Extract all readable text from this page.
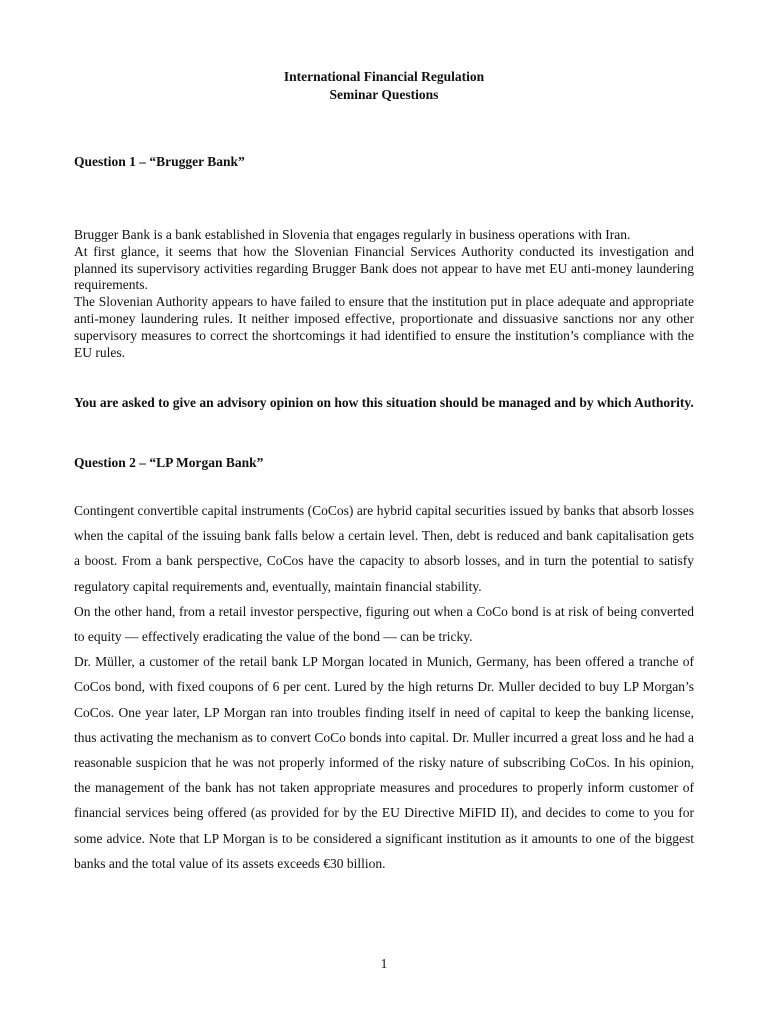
International Financial Regulation
Seminar Questions
Question 1 – “Brugger Bank”

Brugger Bank is a bank established in Slovenia that engages regularly in business operations with Iran.

At first glance, it seems that how the Slovenian Financial Services Authority conducted its investigation and planned its supervisory activities regarding Brugger Bank does not appear to have met EU anti-money laundering requirements.

The Slovenian Authority appears to have failed to ensure that the institution put in place adequate and appropriate anti-money laundering rules. It neither imposed effective, proportionate and dissuasive sanctions nor any other supervisory measures to correct the shortcomings it had identified to ensure the institution’s compliance with the EU rules.

You are asked to give an advisory opinion on how this situation should be managed and by which Authority.
Question 2 – “LP Morgan Bank”

Contingent convertible capital instruments (CoCos) are hybrid capital securities issued by banks that absorb losses when the capital of the issuing bank falls below a certain level. Then, debt is reduced and bank capitalisation gets a boost. From a bank perspective, CoCos have the capacity to absorb losses, and in turn the potential to satisfy regulatory capital requirements and, eventually, maintain financial stability.

On the other hand, from a retail investor perspective, figuring out when a CoCo bond is at risk of being converted to equity — effectively eradicating the value of the bond — can be tricky.

Dr. Müller, a customer of the retail bank LP Morgan located in Munich, Germany, has been offered a tranche of CoCos bond, with fixed coupons of 6 per cent. Lured by the high returns Dr. Muller decided to buy LP Morgan’s CoCos. One year later, LP Morgan ran into troubles finding itself in need of capital to keep the banking license, thus activating the mechanism as to convert CoCo bonds into capital. Dr. Muller incurred a great loss and he had a reasonable suspicion that he was not properly informed of the risky nature of subscribing CoCos. In his opinion, the management of the bank has not taken appropriate measures and procedures to properly inform customer of financial services being offered (as provided for by the EU Directive MiFID II), and decides to come to you for some advice. Note that LP Morgan is to be considered a significant institution as it amounts to one of the biggest banks and the total value of its assets exceeds €30 billion.

1
